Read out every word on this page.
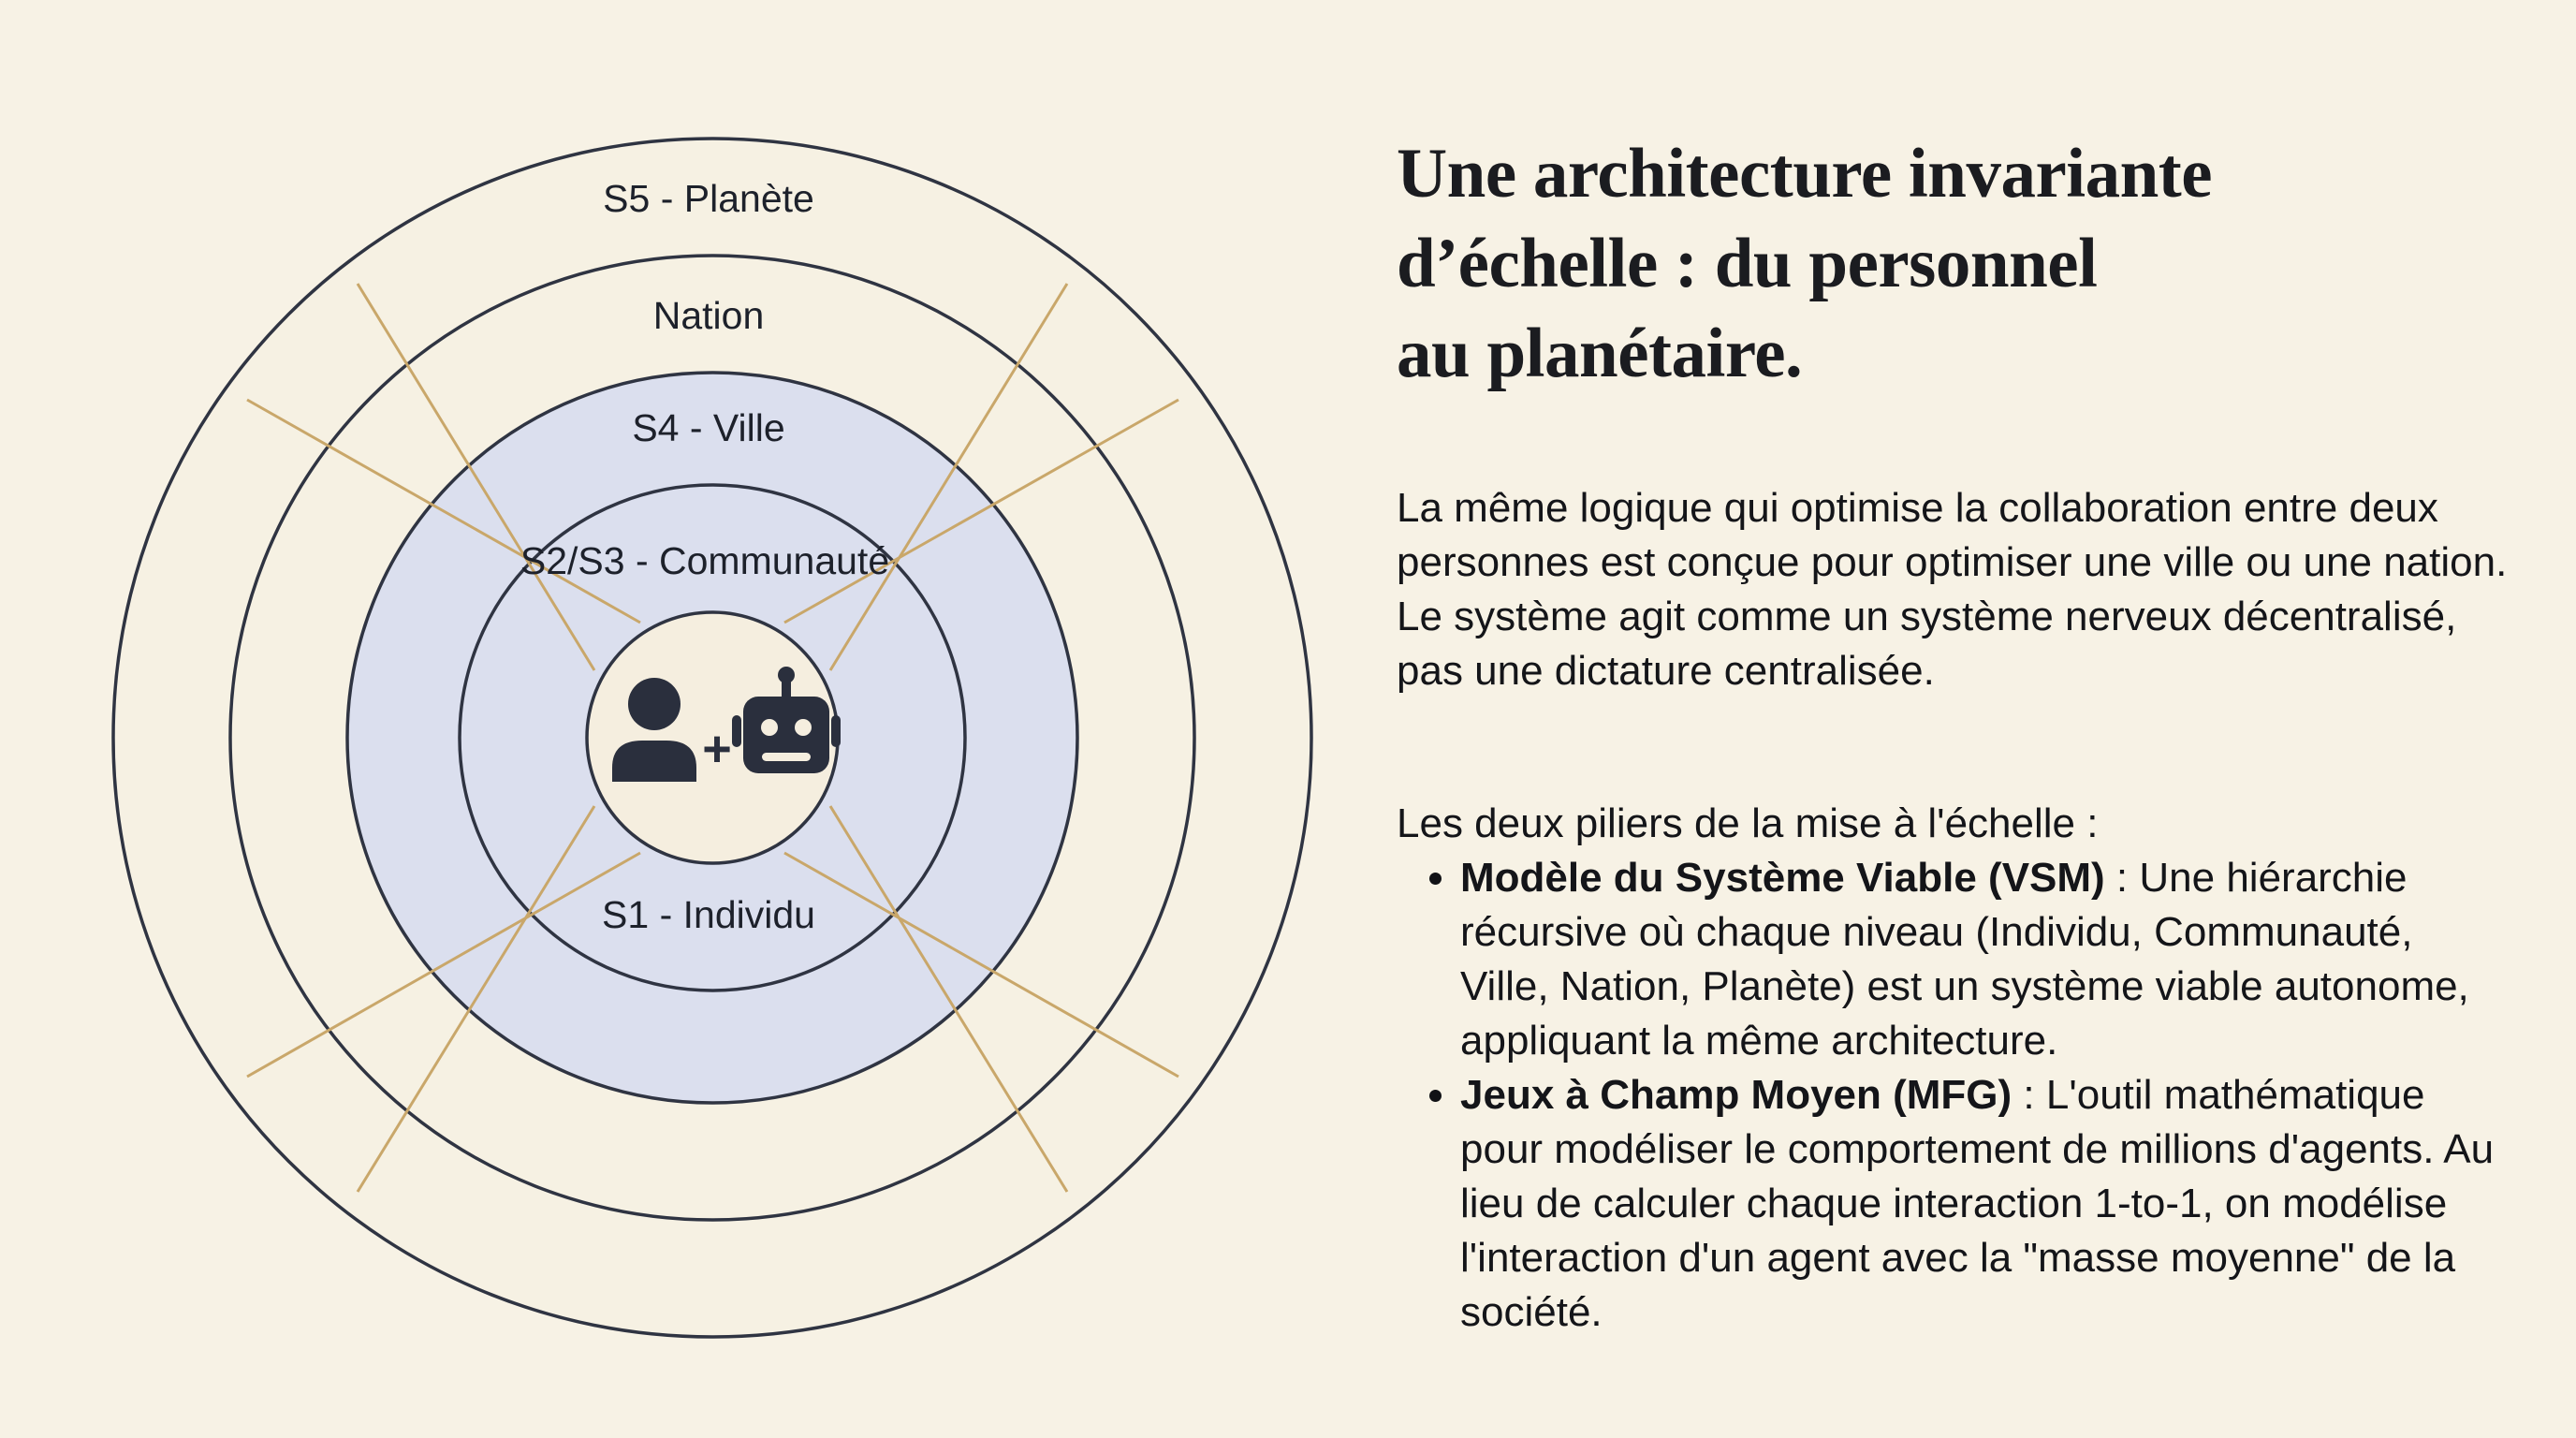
S5 - Planète
Nation
S4 - Ville
S2/S3 - Communauté
S1 - Individu
+
Une architecture invariante
d’échelle : du personnel
au planétaire.

La même logique qui optimise la collaboration entre deux personnes est conçue pour optimiser une ville ou une nation. Le système agit comme un système nerveux décentralisé, pas une dictature centralisée.

Les deux piliers de la mise à l'échelle :

• Modèle du Système Viable (VSM) : Une hiérarchie récursive où chaque niveau (Individu, Communauté, Ville, Nation, Planète) est un système viable autonome, appliquant la même architecture.
• Jeux à Champ Moyen (MFG) : L'outil mathématique pour modéliser le comportement de millions d'agents. Au lieu de calculer chaque interaction 1-to-1, on modélise l'interaction d'un agent avec la "masse moyenne" de la société.
